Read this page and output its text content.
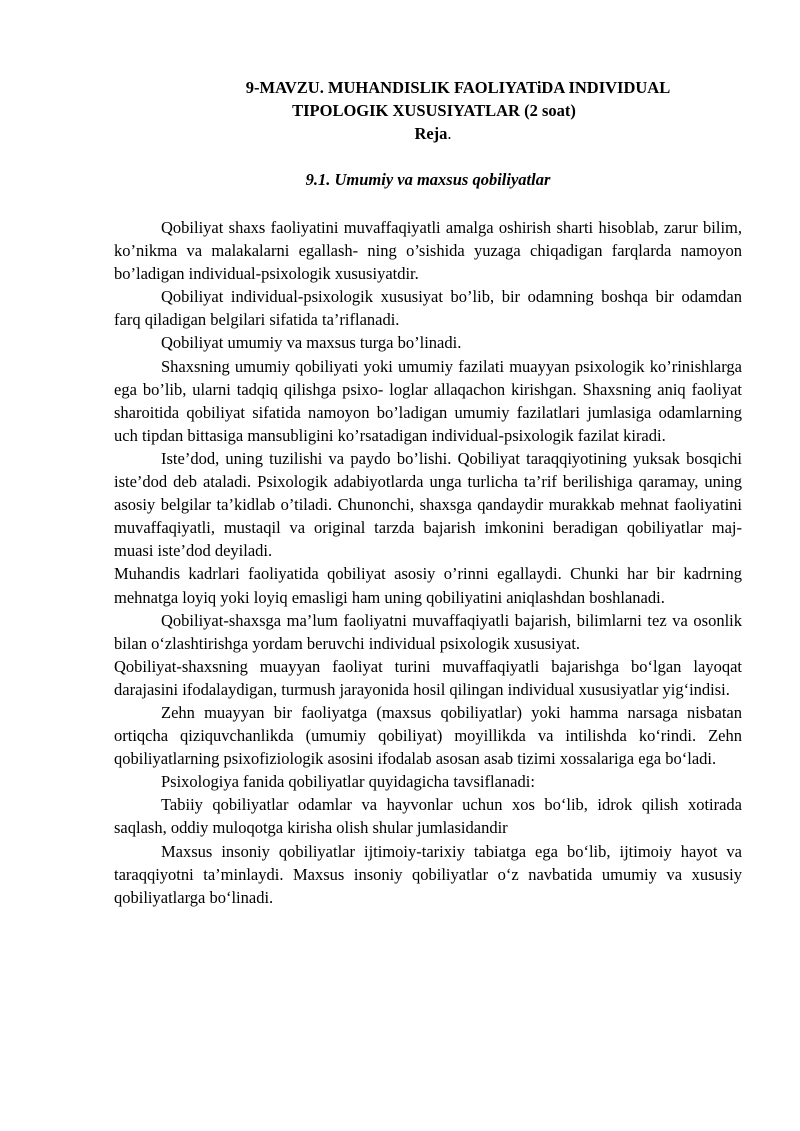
9-MAVZU. MUHANDISLIK FAOLIYATiDA INDIVIDUAL
TIPOLOGIK XUSUSIYATLAR (2 soat)
Reja.
9.1. Umumiy va maxsus qobiliyatlar

Qobiliyat shaxs faoliyatini muvaffaqiyatli amalga oshirish sharti hisoblab, zarur bilim, ko’nikma va malakalarni egallash- ning o’sishida yuzaga chiqadigan farqlarda namoyon bo’ladigan individual-psixologik xususiyatdir.

Qobiliyat individual-psixologik xususiyat bo’lib, bir odamning boshqa bir odamdan farq qiladigan belgilari sifatida ta’riflanadi.

Qobiliyat umumiy va maxsus turga bo’linadi.

Shaxsning umumiy qobiliyati yoki umumiy fazilati muayyan psixologik ko’rinishlarga ega bo’lib, ularni tadqiq qilishga psixo- loglar allaqachon kirishgan. Shaxsning aniq faoliyat sharoitida qobiliyat sifatida namoyon bo’ladigan umumiy fazilatlari jumlasiga odamlarning uch tipdan bittasiga mansubligini ko’rsatadigan individual-psixologik fazilat kiradi.

Iste’dod, uning tuzilishi va paydo bo’lishi. Qobiliyat taraqqiyotining yuksak bosqichi iste’dod deb ataladi. Psixologik adabiyotlarda unga turlicha ta’rif berilishiga qaramay, uning asosiy belgilar ta’kidlab o’tiladi. Chunonchi, shaxsga qandaydir murakkab mehnat faoliyatini muvaffaqiyatli, mustaqil va original tarzda bajarish imkonini beradigan qobiliyatlar maj- muasi iste’dod deyiladi.

Muhandis kadrlari faoliyatida qobiliyat asosiy o’rinni egallaydi. Chunki har bir kadrning mehnatga loyiq yoki loyiq emasligi ham uning qobiliyatini aniqlashdan boshlanadi.

Qobiliyat-shaxsga ma’lum faoliyatni muvaffaqiyatli bajarish, bilimlarni tez va osonlik bilan o‘zlashtirishga yordam beruvchi individual psixologik xususiyat.

Qobiliyat-shaxsning muayyan faoliyat turini muvaffaqiyatli bajarishga bo‘lgan layoqat darajasini ifodalaydigan, turmush jarayonida hosil qilingan individual xususiyatlar yig‘indisi.

Zehn muayyan bir faoliyatga (maxsus qobiliyatlar) yoki hamma narsaga nisbatan ortiqcha qiziquvchanlikda (umumiy qobiliyat) moyillikda va intilishda ko‘rindi. Zehn qobiliyatlarning psixofiziologik asosini ifodalab asosan asab tizimi xossalariga ega bo‘ladi.

Psixologiya fanida qobiliyatlar quyidagicha tavsiflanadi:

Tabiiy qobiliyatlar odamlar va hayvonlar uchun xos bo‘lib, idrok qilish xotirada saqlash, oddiy muloqotga kirisha olish shular jumlasidandir

Maxsus insoniy qobiliyatlar ijtimoiy-tarixiy tabiatga ega bo‘lib, ijtimoiy hayot va taraqqiyotni ta’minlaydi. Maxsus insoniy qobiliyatlar o‘z navbatida umumiy va xususiy qobiliyatlarga bo‘linadi.
